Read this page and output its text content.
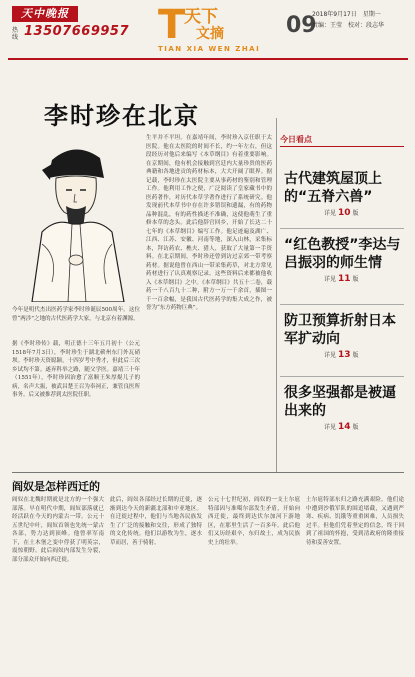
天中晚报
热线 13507669957 T
天下
文摘
TIAN XIA WEN ZHAI
09
2018年9月17日　星期一
责编：王莹　校对：段志华
李时珍在北京
今年是明代杰出医药学家李时珍诞辰500周年。这位曾“两涉”之地的古代医药学大家，与北京有着渊源。
据《李时珍传》载，明正德十三年五月初十（公元1518年7月3日），李时珍生于湖北蕲州东门外瓦硝坝。李时珍天资聪颖，十四岁考中秀才，但此后三次乡试均不第。遂弃科举之路，随父学医。嘉靖三十年（1551年），李时珍因治愈了富顺王朱厚焜儿子的病，名声大振，被武昌楚王召为奉祠正，兼管良医所事务。后又被推荐到太医院任职。
生平并不平坦。在嘉靖年间，李时珍入京任职于太医院。他在太医院的时间不长，约一年左右，但这段经历对他后来编写《本草纲目》有着重要影响。在京期间，他有机会接触到宫廷内大量珍贵的医药典籍和各地进贡的药材标本，大大开阔了眼界。据记载，李时珍在太医院主要从事药材的鉴别和管理工作。他利用工作之便，广泛阅读了皇家藏书中的医药著作，对历代本草学著作进行了系统研究。他发现前代本草书中存在许多错误和遗漏，有的药物品种混乱，有的药性描述不准确，这使他萌生了重修本草的念头。此后他辞官回乡，开始了长达二十七年的《本草纲目》编写工作。他足迹遍及湖广、江西、江苏、安徽、河南等地，深入山林，采集标本，拜访药农、樵夫、猎人，获取了大量第一手资料。在北京期间，李时珍还曾到访过京郊一带考察药材。据说他曾在西山一带采集药草，对北方常见药材进行了认真观察记录。这些资料后来都被他收入《本草纲目》之中。《本草纲目》共五十二卷，载药一千八百九十二种，附方一万一千余首，插图一千一百余幅，是我国古代医药学的集大成之作，被誉为“东方药物巨典”。
今日看点
古代建筑屋顶上的“五脊六兽”
详见 10 版
“红色教授”李达与吕振羽的师生情
详见 11 版
防卫预算折射日本军扩动向
详见 13 版
很多坚强都是被逼出来的
详见 14 版
阎奴是怎样西迁的
阎奴在北魏时期就是北方的一个强大部落。早在明代中期，阎奴部落就已经活跃在今天的内蒙古一带。公元十五世纪中叶，阎奴首领也先统一蒙古各部，势力达到顶峰。他曾率军南下，在土木堡之变中俘获了明英宗，震惊朝野。此后阎奴内部发生分裂，部分部众开始向西迁徙。
此后，阎奴各部经过长期的迁徙，逐渐到达今天的新疆北部和中亚地区。在迁徙过程中，他们与当地各民族发生了广泛的接触和交往，形成了独特的文化传统。他们以游牧为生，逐水草而居，善于骑射。
公元十七世纪初，阎奴的一支土尔扈特部因与准噶尔部发生矛盾，开始向西迁徙，最终到达伏尔加河下游地区，在那里生活了一百多年。此后他们又历经艰辛，东归故土，成为民族史上的壮举。
土尔扈特部东归之路充满艰险。他们途中遭到沙俄军队的围追堵截，又遇到严寒、疾病、饥饿等重重困难，人员损失过半。但他们凭着坚定的信念，终于回到了祖国的怀抱，受到清政府的隆重接待和妥善安置。
